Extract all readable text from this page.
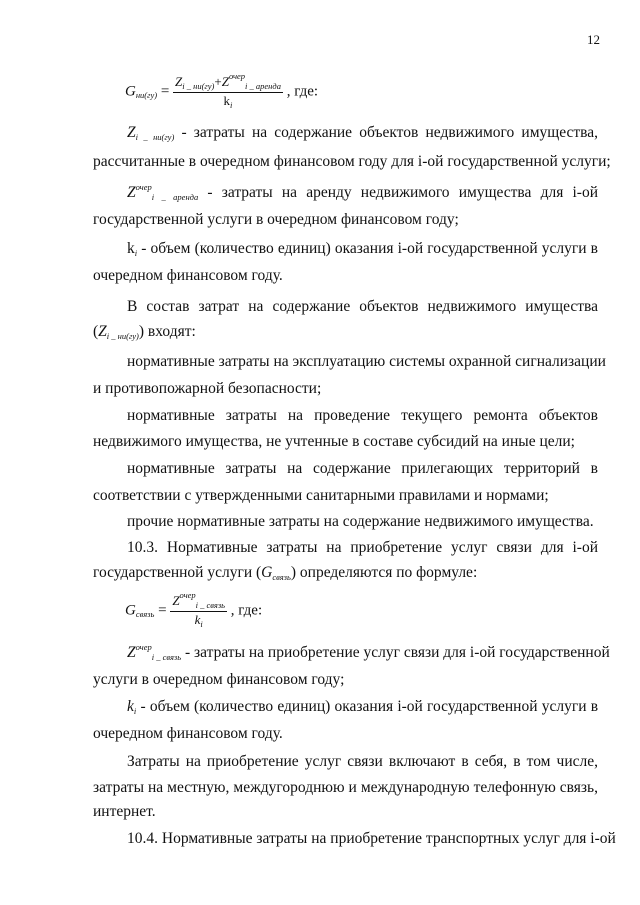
12
$G_{ни(гу)} = \frac{Z_{i \_ ни(гу)}+Z^{очер}_{i \_ аренда}}{k_i}$ , где:
Zi _ ни(гу) - затраты на содержание объектов недвижимого имущества,
рассчитанные в очередном финансовом году для i-ой государственной услуги;
$Z^{очер}i$ _ аренда - затраты на аренду недвижимого имущества для i-ой
государственной услуги в очередном финансовом году;
ki - объем (количество единиц) оказания i-ой государственной услуги в
очередном финансовом году.
В состав затрат на содержание объектов недвижимого имущества
(Zi _ ни(гу)) входят:
нормативные затраты на эксплуатацию системы охранной сигнализации
и противопожарной безопасности;
нормативные затраты на проведение текущего ремонта объектов
недвижимого имущества, не учтенные в составе субсидий на иные цели;
нормативные затраты на содержание прилегающих территорий в
соответствии с утвержденными санитарными правилами и нормами;
прочие нормативные затраты на содержание недвижимого имущества.
10.3. Нормативные затраты на приобретение услуг связи для i-ой
государственной услуги (Gсвязь) определяются по формуле:
$G_{связь} = \frac{Z^{очер}_{i \_ связь}}{k_i}$ , где:
$Z^{очер}i$ _ связь - затраты на приобретение услуг связи для i-ой государственной
услуги в очередном финансовом году;
ki - объем (количество единиц) оказания i-ой государственной услуги в
очередном финансовом году.
Затраты на приобретение услуг связи включают в себя, в том числе,
затраты на местную, междугороднюю и международную телефонную связь,
интернет.
10.4. Нормативные затраты на приобретение транспортных услуг для i-ой
